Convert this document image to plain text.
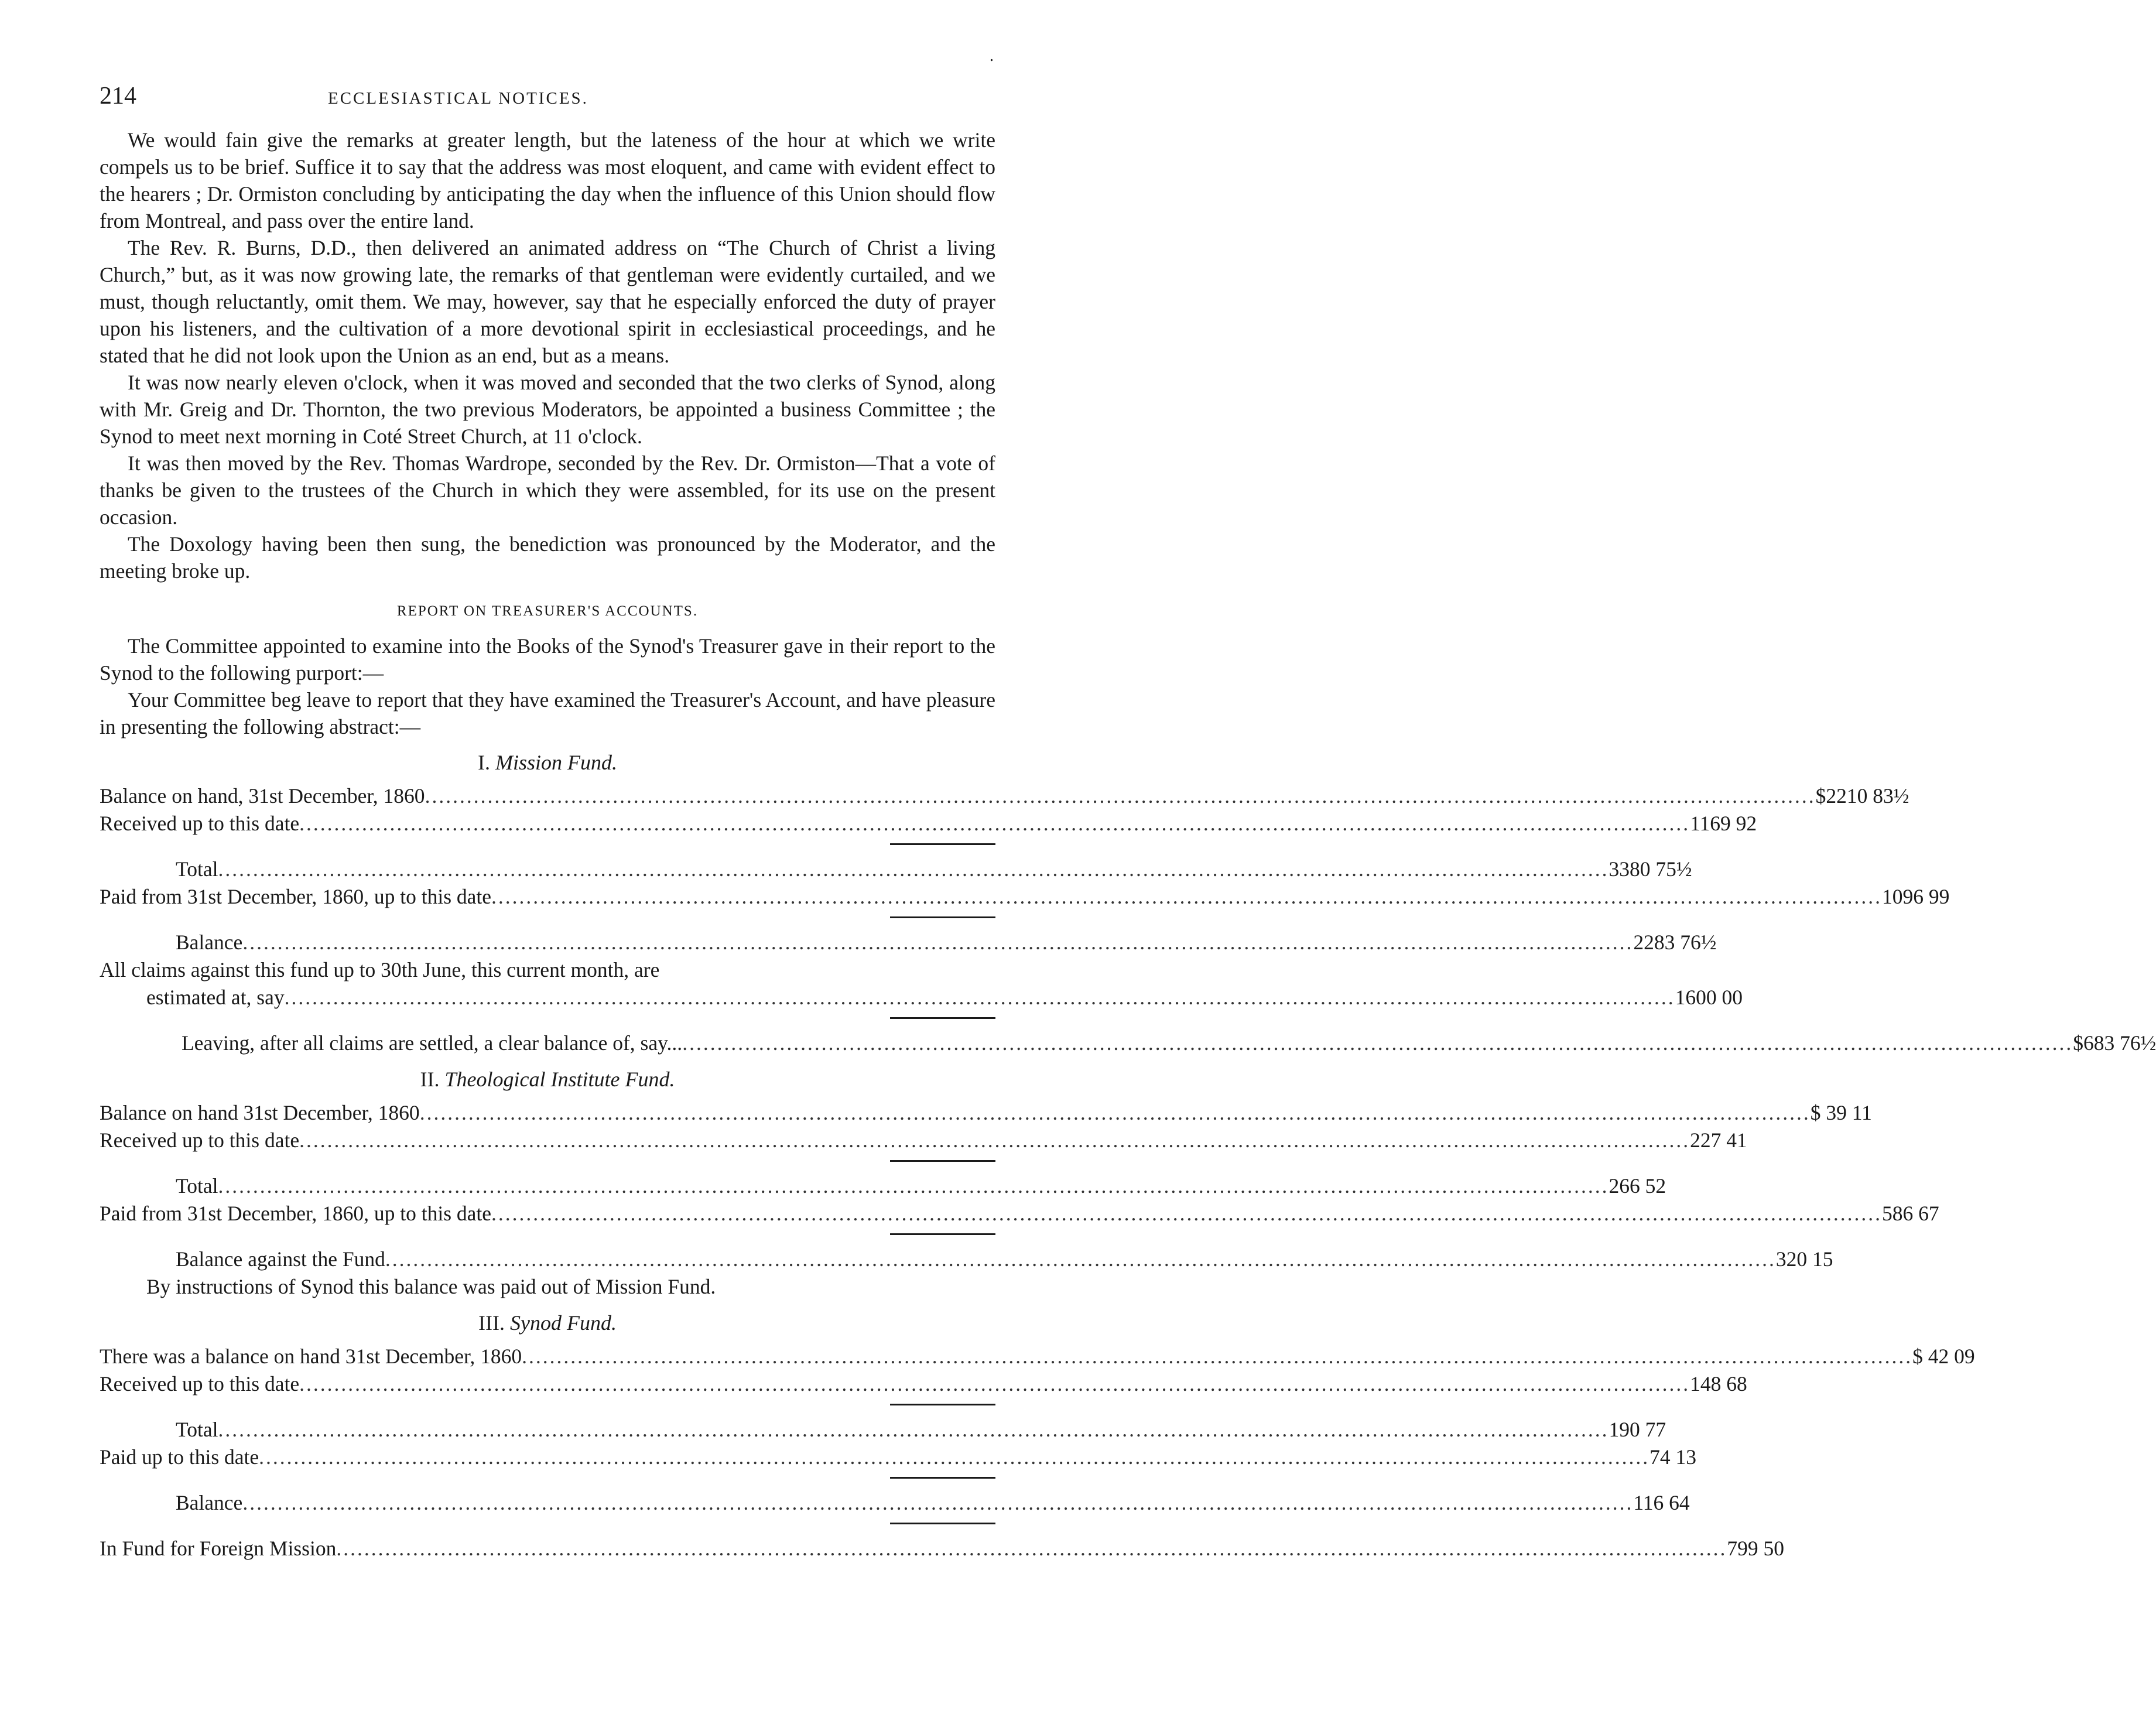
.
214	ECCLESIASTICAL NOTICES.

We would fain give the remarks at greater length, but the lateness of the hour at which we write compels us to be brief. Suffice it to say that the address was most eloquent, and came with evident effect to the hearers ; Dr. Ormiston concluding by anticipating the day when the influence of this Union should flow from Montreal, and pass over the entire land.

The Rev. R. Burns, D.D., then delivered an animated address on “The Church of Christ a living Church,” but, as it was now growing late, the remarks of that gentleman were evidently curtailed, and we must, though reluctantly, omit them. We may, however, say that he especially enforced the duty of prayer upon his listeners, and the cultivation of a more devotional spirit in ecclesiastical proceedings, and he stated that he did not look upon the Union as an end, but as a means.

It was now nearly eleven o'clock, when it was moved and seconded that the two clerks of Synod, along with Mr. Greig and Dr. Thornton, the two previous Moderators, be appointed a business Committee ; the Synod to meet next morning in Coté Street Church, at 11 o'clock.

It was then moved by the Rev. Thomas Wardrope, seconded by the Rev. Dr. Ormiston—That a vote of thanks be given to the trustees of the Church in which they were assembled, for its use on the present occasion.

The Doxology having been then sung, the benediction was pronounced by the Moderator, and the meeting broke up.

REPORT ON TREASURER'S ACCOUNTS.

The Committee appointed to examine into the Books of the Synod's Treasurer gave in their report to the Synod to the following purport:—

Your Committee beg leave to report that they have examined the Treasurer's Account, and have pleasure in presenting the following abstract:—

I. Mission Fund.
Balance on hand, 31st December, 1860 ........................................................................................................................................................................................................ $2210 83½
Received up to this date ........................................................................................................................................................................................................ 1169 92
Total ........................................................................................................................................................................................................ 3380 75½
Paid from 31st December, 1860, up to this date ........................................................................................................................................................................................................ 1096 99
Balance ........................................................................................................................................................................................................ 2283 76½
All claims against this fund up to 30th June, this current month, are
estimated at, say ........................................................................................................................................................................................................ 1600 00
Leaving, after all claims are settled, a clear balance of, say... ........................................................................................................................................................................................................ $683 76½
II. Theological Institute Fund.
Balance on hand 31st December, 1860 ........................................................................................................................................................................................................ $ 39 11
Received up to this date ........................................................................................................................................................................................................ 227 41
Total ........................................................................................................................................................................................................ 266 52
Paid from 31st December, 1860, up to this date ........................................................................................................................................................................................................ 586 67
Balance against the Fund ........................................................................................................................................................................................................ 320 15
By instructions of Synod this balance was paid out of Mission Fund.
III. Synod Fund.
There was a balance on hand 31st December, 1860 ........................................................................................................................................................................................................ $ 42 09
Received up to this date ........................................................................................................................................................................................................ 148 68
Total ........................................................................................................................................................................................................ 190 77
Paid up to this date ........................................................................................................................................................................................................ 74 13
Balance ........................................................................................................................................................................................................ 116 64
In Fund for Foreign Mission ........................................................................................................................................................................................................ 799 50
